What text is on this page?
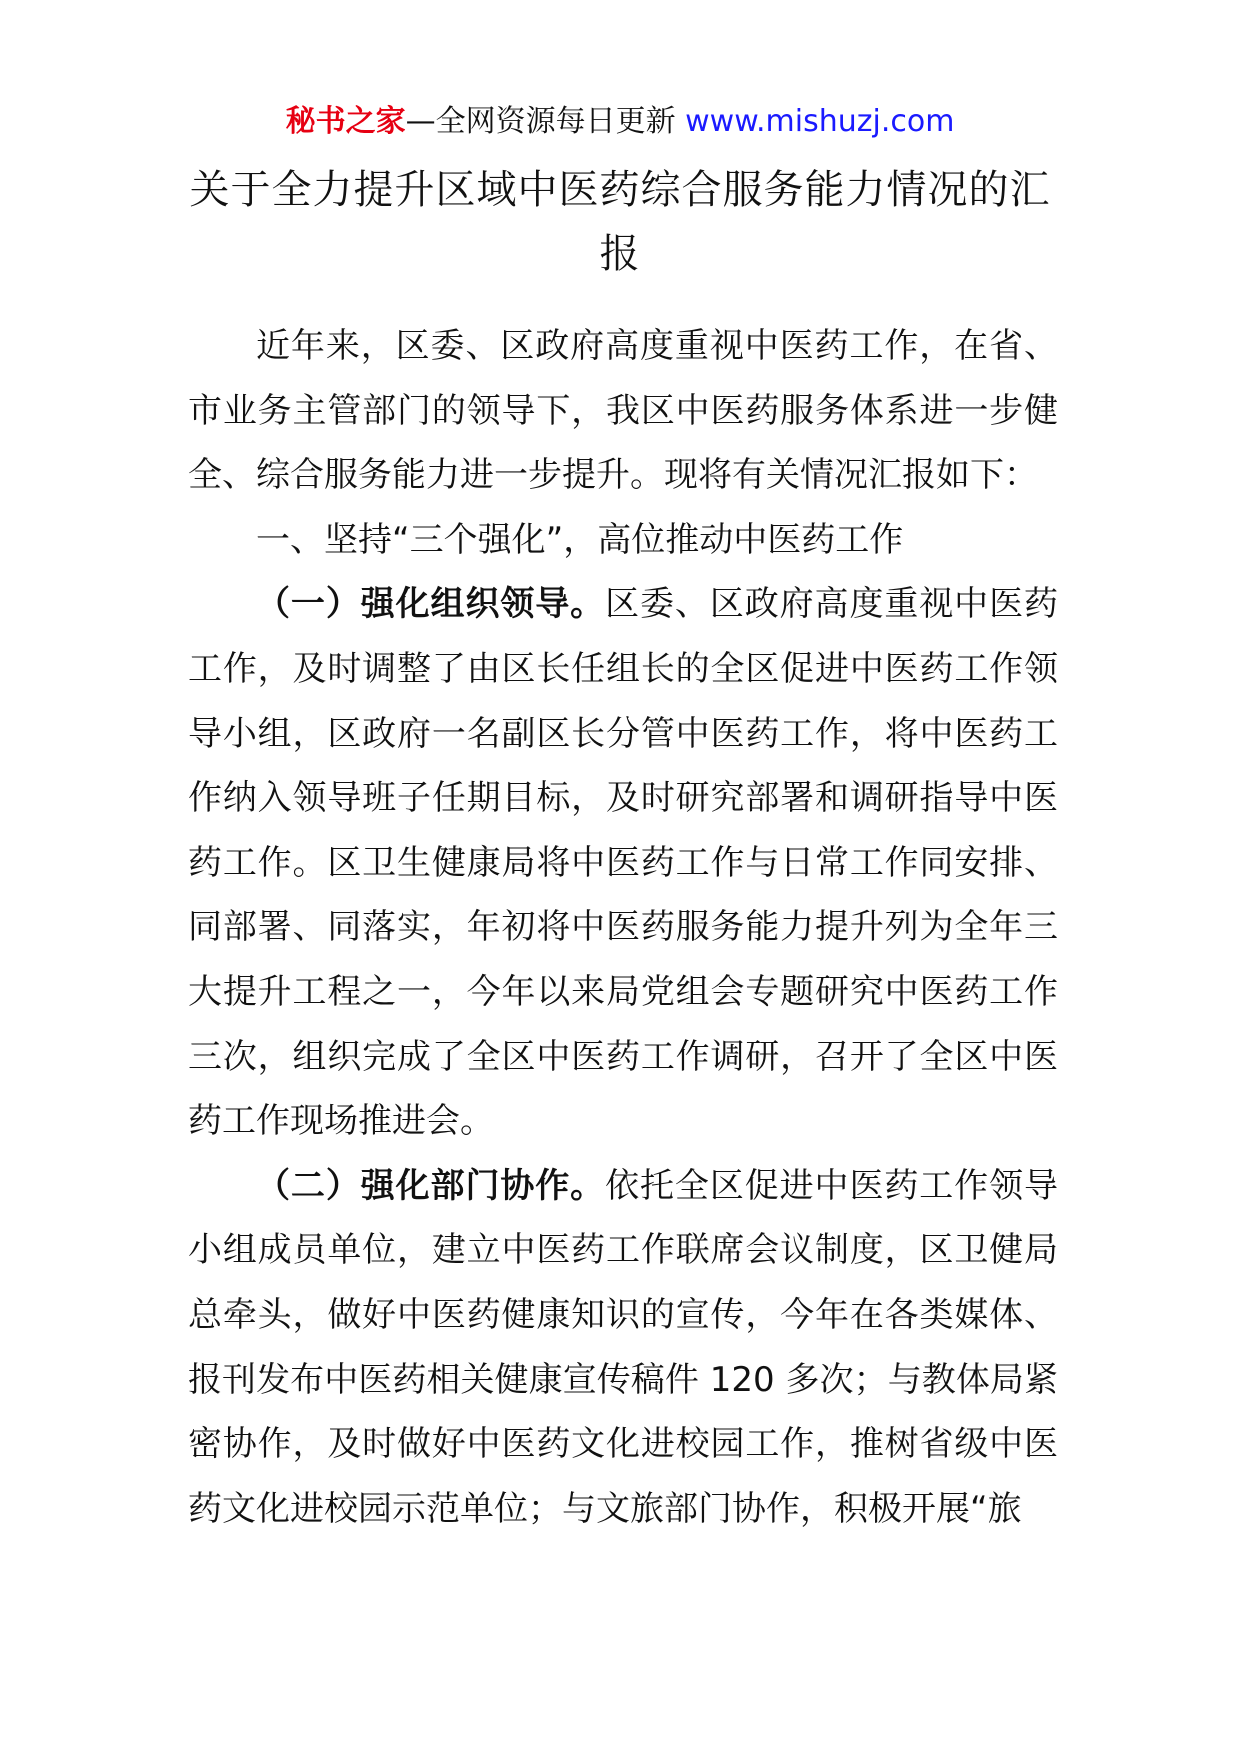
秘书之家—全网资源每日更新 www.mishuzj.com
关于全力提升区域中医药综合服务能力情况的汇报

近年来，区委、区政府高度重视中医药工作，在省、市业务主管部门的领导下，我区中医药服务体系进一步健全、综合服务能力进一步提升。现将有关情况汇报如下：

一、坚持“三个强化”，高位推动中医药工作

（一）强化组织领导。区委、区政府高度重视中医药工作，及时调整了由区长任组长的全区促进中医药工作领导小组，区政府一名副区长分管中医药工作，将中医药工作纳入领导班子任期目标，及时研究部署和调研指导中医药工作。区卫生健康局将中医药工作与日常工作同安排、同部署、同落实，年初将中医药服务能力提升列为全年三大提升工程之一，今年以来局党组会专题研究中医药工作三次，组织完成了全区中医药工作调研，召开了全区中医药工作现场推进会。

（二）强化部门协作。依托全区促进中医药工作领导小组成员单位，建立中医药工作联席会议制度，区卫健局总牵头，做好中医药健康知识的宣传，今年在各类媒体、报刊发布中医药相关健康宣传稿件 120 多次；与教体局紧密协作，及时做好中医药文化进校园工作，推树省级中医药文化进校园示范单位；与文旅部门协作，积极开展“旅
